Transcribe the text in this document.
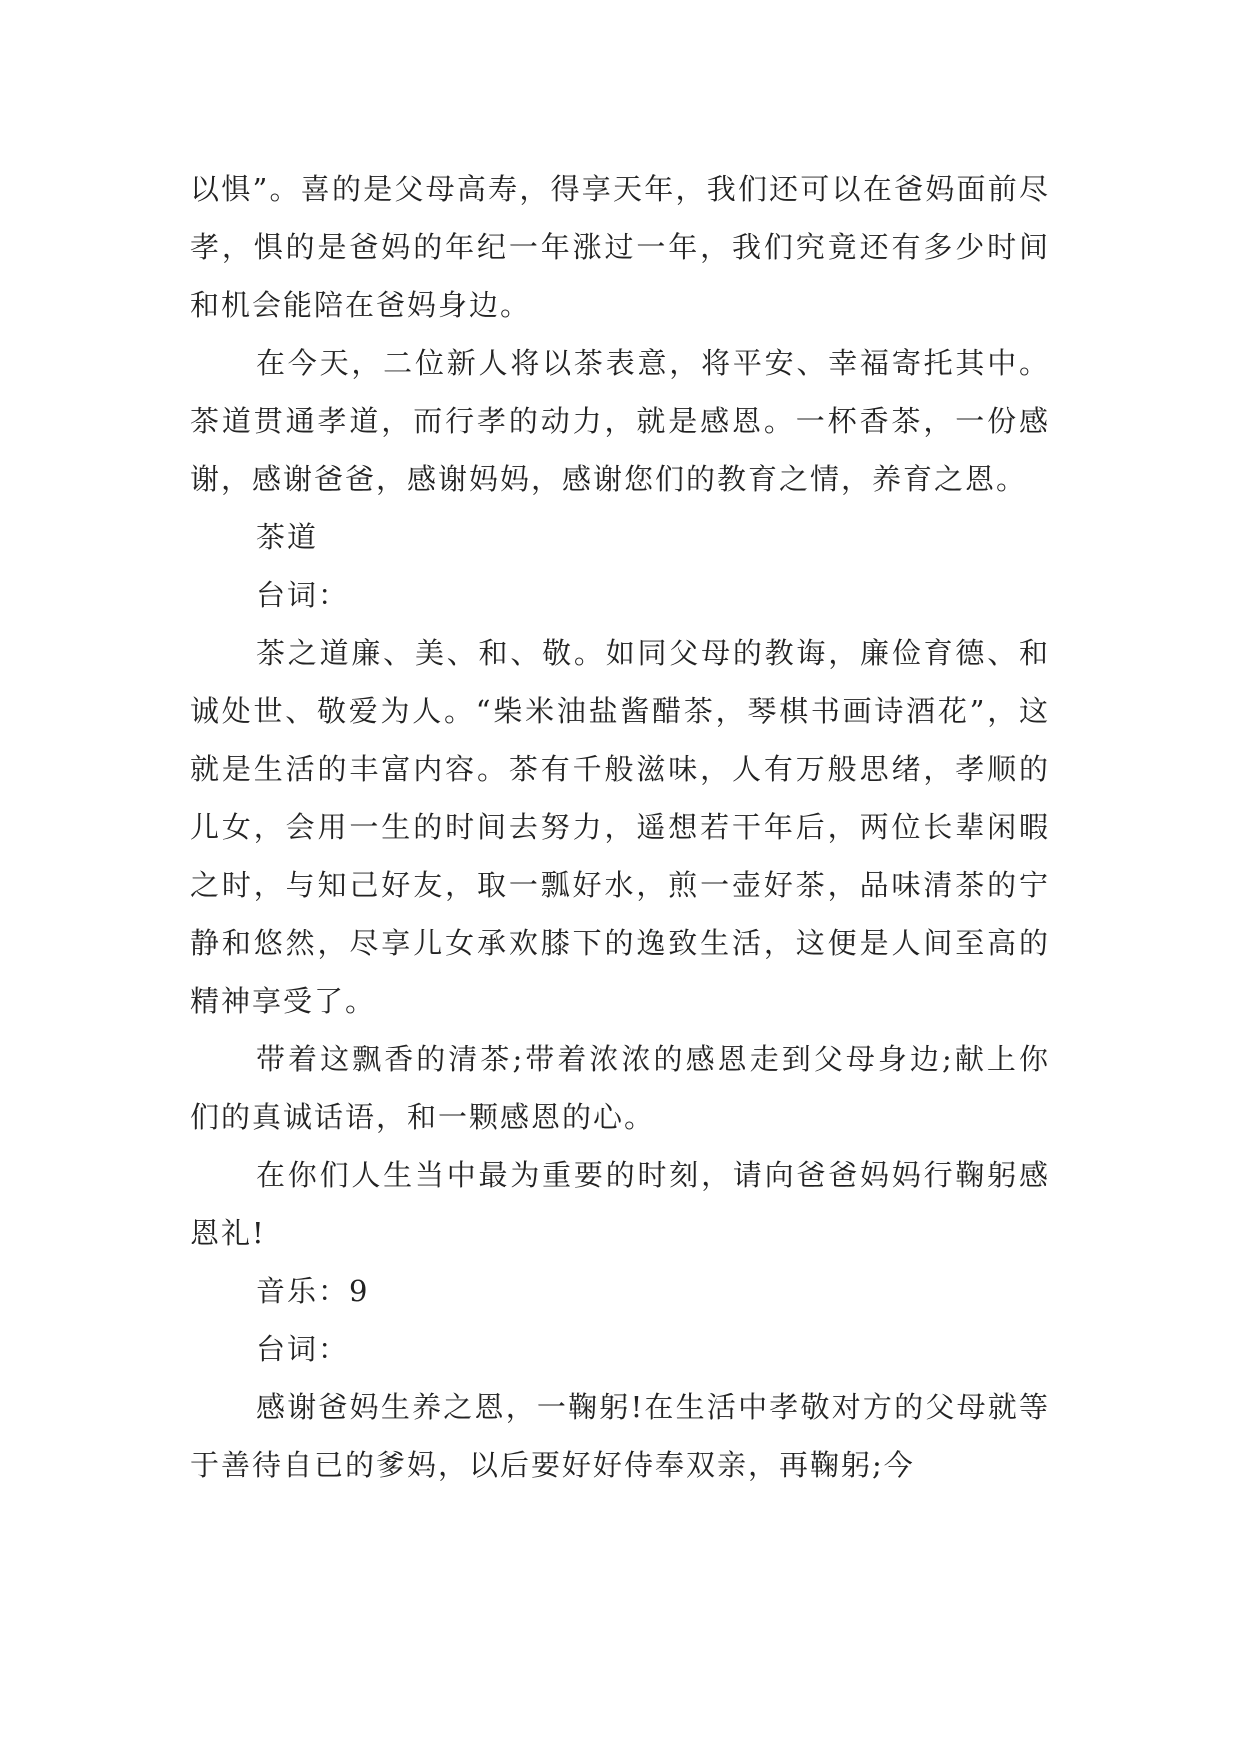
以惧”。喜的是父母高寿，得享天年，我们还可以在爸妈面前尽孝，惧的是爸妈的年纪一年涨过一年，我们究竟还有多少时间和机会能陪在爸妈身边。

在今天，二位新人将以茶表意，将平安、幸福寄托其中。茶道贯通孝道，而行孝的动力，就是感恩。一杯香茶，一份感谢，感谢爸爸，感谢妈妈，感谢您们的教育之情，养育之恩。

茶道

台词：

茶之道廉、美、和、敬。如同父母的教诲，廉俭育德、和诚处世、敬爱为人。“柴米油盐酱醋茶，琴棋书画诗酒花”，这就是生活的丰富内容。茶有千般滋味，人有万般思绪，孝顺的儿女，会用一生的时间去努力，遥想若干年后，两位长辈闲暇之时，与知己好友，取一瓢好水，煎一壶好茶，品味清茶的宁静和悠然，尽享儿女承欢膝下的逸致生活，这便是人间至高的精神享受了。

带着这飘香的清茶;带着浓浓的感恩走到父母身边;献上你们的真诚话语，和一颗感恩的心。

在你们人生当中最为重要的时刻，请向爸爸妈妈行鞠躬感恩礼!

音乐：9

台词：

感谢爸妈生养之恩，一鞠躬!在生活中孝敬对方的父母就等于善待自已的爹妈，以后要好好侍奉双亲，再鞠躬;今
